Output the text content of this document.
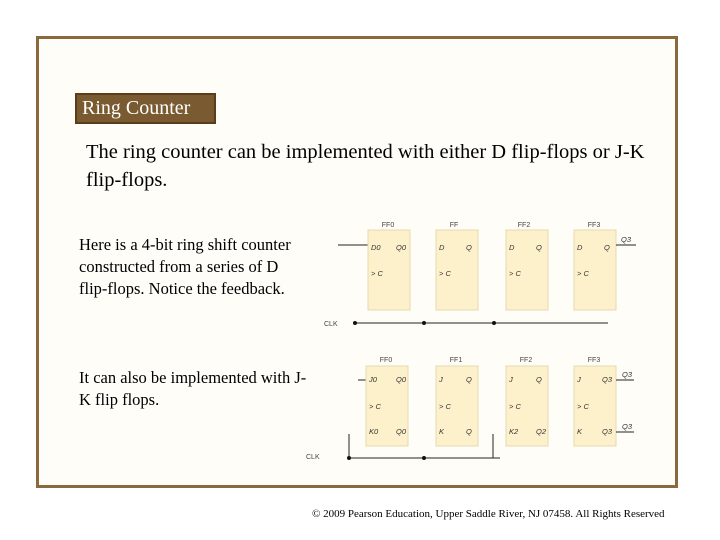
Ring Counter
The ring counter can be implemented with either D flip-flops or J-K flip-flops.
Here is a 4-bit ring shift counter constructed from a series of D flip-flops. Notice the feedback.
It can also be implemented with J-K flip flops.
FF0	FF	FF2	FF3
D0	D	D	D
Q0	Q	Q	Q
> C	> C	> C	> C
Q3
CLK
FF0	FF1	FF2	FF3
J0	J	J	J
Q0	Q	Q	Q3
> C	> C	> C	> C
K0	K	K2	K
Q0	Q	Q2	Q3
Q3
Q3
CLK
© 2009 Pearson Education, Upper Saddle River, NJ 07458. All Rights Reserved
